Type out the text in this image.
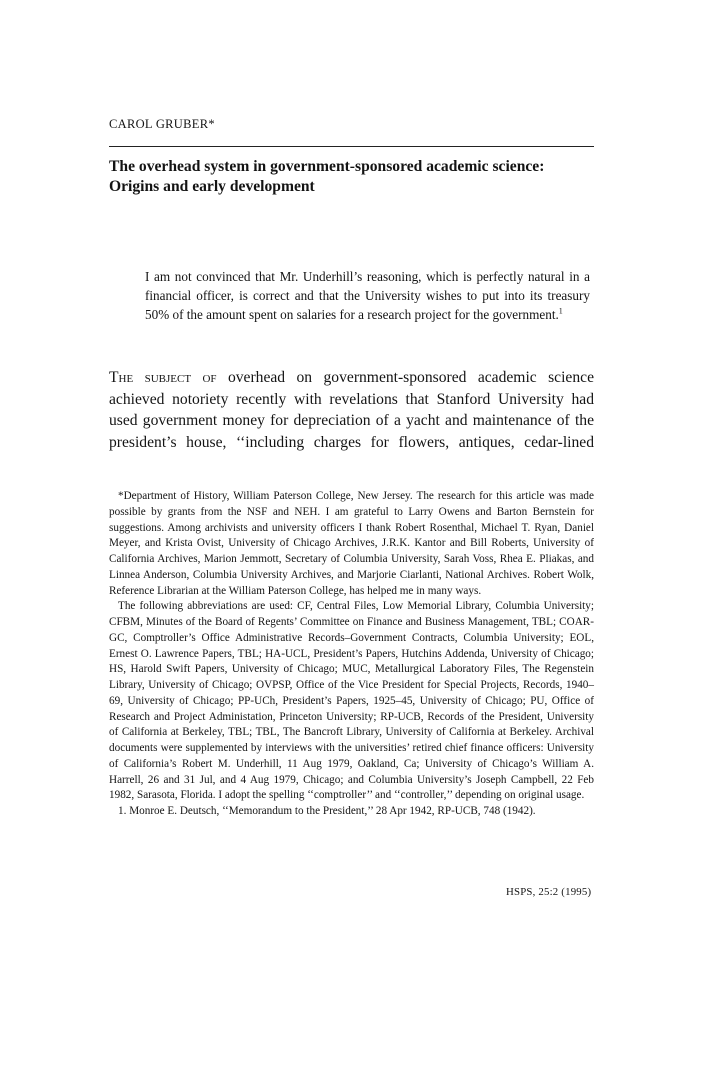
CAROL GRUBER*
The overhead system in government-sponsored academic science:
Origins and early development
I am not convinced that Mr. Underhill’s reasoning, which is perfectly natural in a financial officer, is correct and that the University wishes to put into its treasury 50% of the amount spent on salaries for a research project for the government.$^1$
The subject of overhead on government-sponsored academic science
achieved notoriety recently with revelations that Stanford University had
used government money for depreciation of a yacht and maintenance of the
president’s house, ‘‘including charges for flowers, antiques, cedar-lined

*Department of History, William Paterson College, New Jersey. The research for this article was made possible by grants from the NSF and NEH. I am grateful to Larry Owens and Barton Bernstein for suggestions. Among archivists and university officers I thank Robert Rosenthal, Michael T. Ryan, Daniel Meyer, and Krista Ovist, University of Chicago Archives, J.R.K. Kantor and Bill Roberts, University of California Archives, Marion Jemmott, Secretary of Columbia University, Sarah Voss, Rhea E. Pliakas, and Linnea Anderson, Columbia University Archives, and Marjorie Ciarlanti, National Archives. Robert Wolk, Reference Librarian at the William Paterson College, has helped me in many ways.

The following abbreviations are used: CF, Central Files, Low Memorial Library, Columbia University; CFBM, Minutes of the Board of Regents’ Committee on Finance and Business Management, TBL; COAR-GC, Comptroller’s Office Administrative Records–Government Contracts, Columbia University; EOL, Ernest O. Lawrence Papers, TBL; HA-UCL, President’s Papers, Hutchins Addenda, University of Chicago; HS, Harold Swift Papers, University of Chicago; MUC, Metallurgical Laboratory Files, The Regenstein Library, University of Chicago; OVPSP, Office of the Vice President for Special Projects, Records, 1940–69, University of Chicago; PP-UCh, President’s Papers, 1925–45, University of Chicago; PU, Office of Research and Project Administation, Princeton University; RP-UCB, Records of the President, University of California at Berkeley, TBL; TBL, The Bancroft Library, University of California at Berkeley. Archival documents were supplemented by interviews with the universities’ retired chief finance officers: University of California’s Robert M. Underhill, 11 Aug 1979, Oakland, Ca; University of Chicago’s William A. Harrell, 26 and 31 Jul, and 4 Aug 1979, Chicago; and Columbia University’s Joseph Campbell, 22 Feb 1982, Sarasota, Florida. I adopt the spelling ‘‘comptroller’’ and ‘‘controller,’’ depending on original usage.

1. Monroe E. Deutsch, ‘‘Memorandum to the President,’’ 28 Apr 1942, RP-UCB, 748 (1942).

HSPS, 25:2 (1995)
